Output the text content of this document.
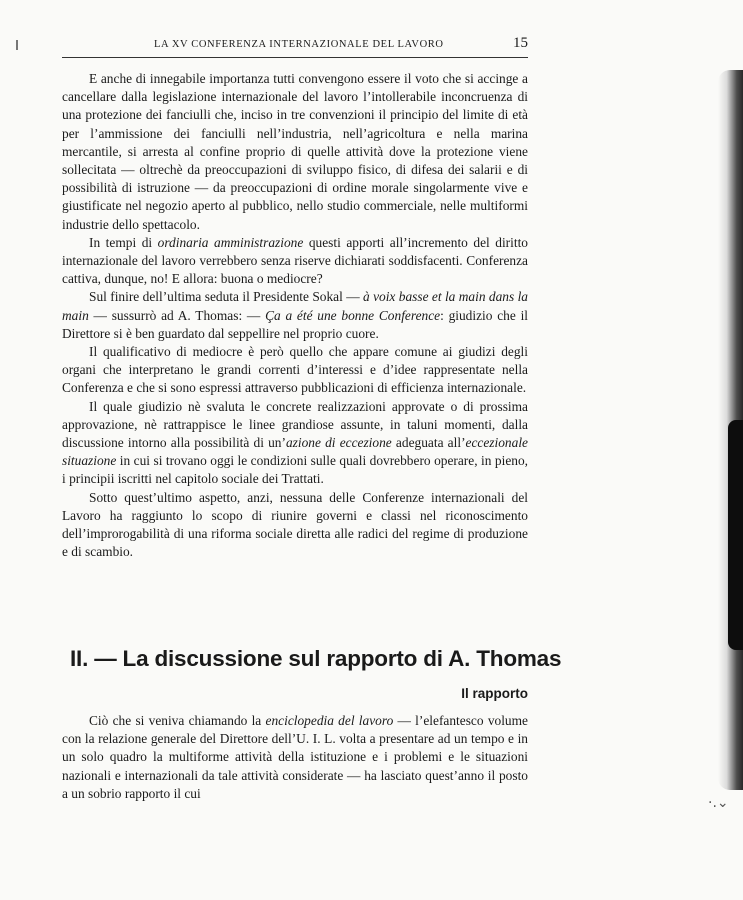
LA XV CONFERENZA INTERNAZIONALE DEL LAVORO	15

E anche di innegabile importanza tutti convengono essere il voto che si accinge a cancellare dalla legislazione internazionale del lavoro l’intollerabile inconcruenza di una protezione dei fanciulli che, inciso in tre convenzioni il principio del limite di età per l’ammissione dei fanciulli nell’industria, nell’agricoltura e nella marina mercantile, si arresta al confine proprio di quelle attività dove la protezione viene sollecitata — oltrechè da preoccupazioni di sviluppo fisico, di difesa dei salarii e di possibilità di istruzione — da preoccupazioni di ordine morale singolarmente vive e giustificate nel negozio aperto al pubblico, nello studio commerciale, nelle multiformi industrie dello spettacolo.

In tempi di ordinaria amministrazione questi apporti all’incremento del diritto internazionale del lavoro verrebbero senza riserve dichiarati soddisfacenti. Conferenza cattiva, dunque, no! E allora: buona o mediocre?

Sul finire dell’ultima seduta il Presidente Sokal — à voix basse et la main dans la main — sussurrò ad A. Thomas: — Ça a été une bonne Conference: giudizio che il Direttore si è ben guardato dal seppellire nel proprio cuore.

Il qualificativo di mediocre è però quello che appare comune ai giudizi degli organi che interpretano le grandi correnti d’interessi e d’idee rappresentate nella Conferenza e che si sono espressi attraverso pubblicazioni di efficienza internazionale.

Il quale giudizio nè svaluta le concrete realizzazioni approvate o di prossima approvazione, nè rattrappisce le linee grandiose assunte, in taluni momenti, dalla discussione intorno alla possibilità di un’azione di eccezione adeguata all’eccezionale situazione in cui si trovano oggi le condizioni sulle quali dovrebbero operare, in pieno, i principii iscritti nel capitolo sociale dei Trattati.

Sotto quest’ultimo aspetto, anzi, nessuna delle Conferenze internazionali del Lavoro ha raggiunto lo scopo di riunire governi e classi nel riconoscimento dell’improrogabilità di una riforma sociale diretta alle radici del regime di produzione e di scambio.

II. — La discussione sul rapporto di A. Thomas
Il rapporto

Ciò che si veniva chiamando la enciclopedia del lavoro — l’elefantesco volume con la relazione generale del Direttore dell’U. I. L. volta a presentare ad un tempo e in un solo quadro la multiforme attività della istituzione e i problemi e le situazioni nazionali e internazionali da tale attività considerate — ha lasciato quest’anno il posto a un sobrio rapporto il cui

·.⌄
